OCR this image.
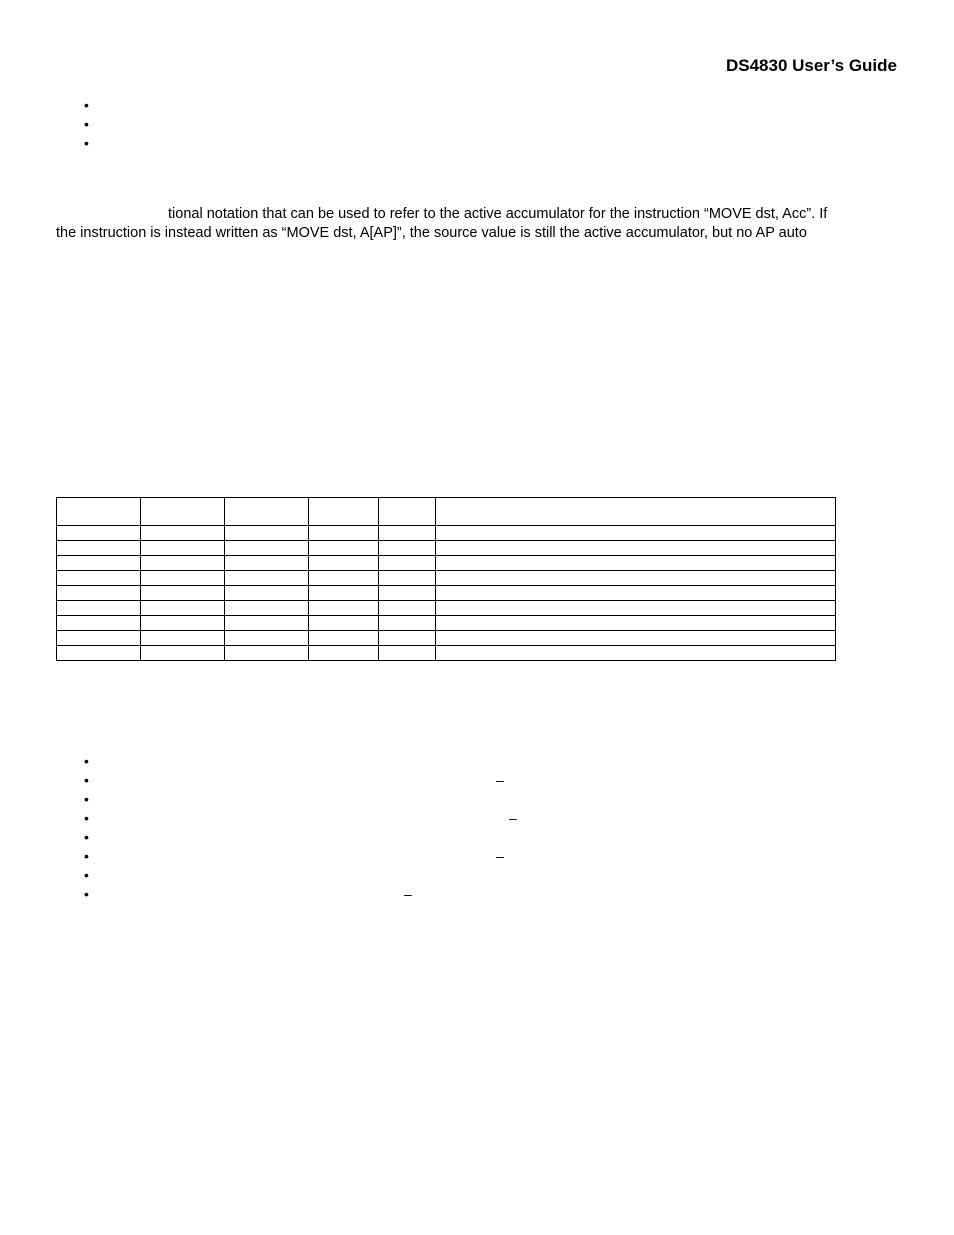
DS4830 User’s Guide
•
•
•
tional notation that can be used to refer to the active accumulator for the instruction “MOVE dst, Acc”. If
the instruction is instead written as “MOVE dst, A[AP]”, the source value is still the active accumulator, but no AP auto

•
•	–
•
•	–
•
•	–
•
•	–
